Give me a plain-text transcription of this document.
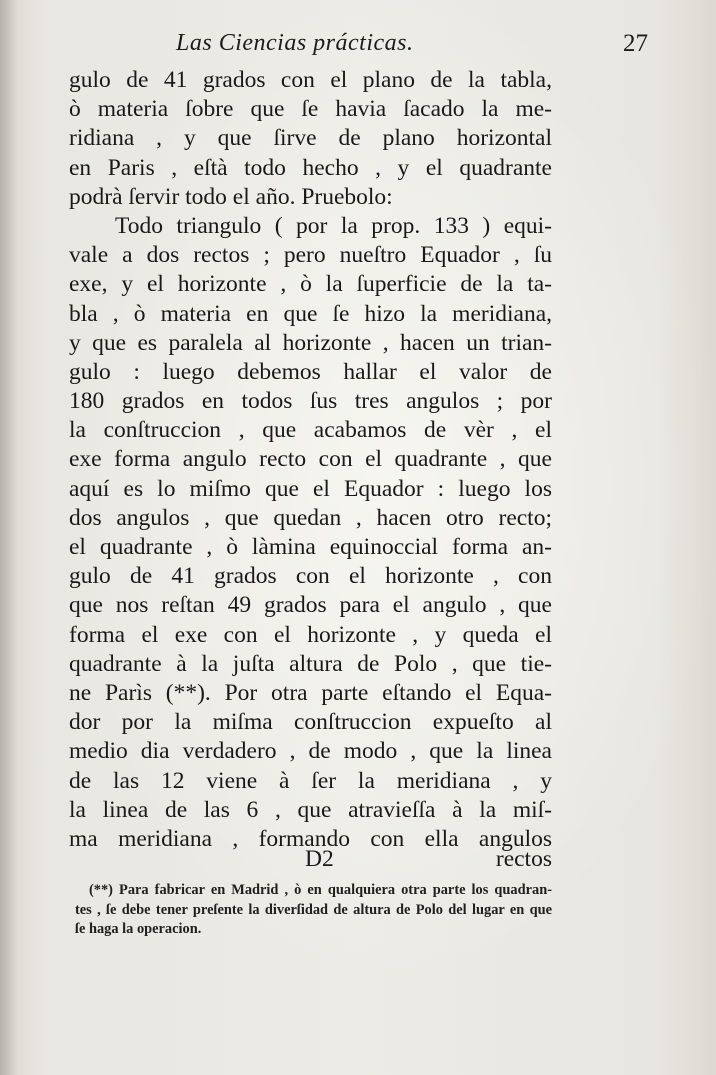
Las Ciencias prácticas.	27
gulo de 41 grados con el plano de la tabla,
ò materia ſobre que ſe havia ſacado la me-
ridiana , y que ſirve de plano horizontal
en Paris , eſtà todo hecho , y el quadrante
podrà ſervir todo el año. Pruebolo:
Todo triangulo ( por la prop. 133 ) equi-
vale a dos rectos ; pero nueſtro Equador , ſu
exe, y el horizonte , ò la ſuperficie de la ta-
bla , ò materia en que ſe hizo la meridiana,
y que es paralela al horizonte , hacen un trian-
gulo : luego debemos hallar el valor de
180 grados en todos ſus tres angulos ; por
la conſtruccion , que acabamos de vèr , el
exe forma angulo recto con el quadrante , que
aquí es lo miſmo que el Equador : luego los
dos angulos , que quedan , hacen otro recto;
el quadrante , ò làmina equinoccial forma an-
gulo de 41 grados con el horizonte , con
que nos reſtan 49 grados para el angulo , que
forma el exe con el horizonte , y queda el
quadrante à la juſta altura de Polo , que tie-
ne Parìs (**). Por otra parte eſtando el Equa-
dor por la miſma conſtruccion expueſto al
medio dia verdadero , de modo , que la linea
de las 12 viene à ſer la meridiana , y
la linea de las 6 , que atravieſſa à la miſ-
ma meridiana , formando con ella angulos
D2	rectos
(**) Para fabricar en Madrid , ò en qualquiera otra parte los quadran-
tes , ſe debe tener preſente la diverſidad de altura de Polo del lugar en que
ſe haga la operacion.
